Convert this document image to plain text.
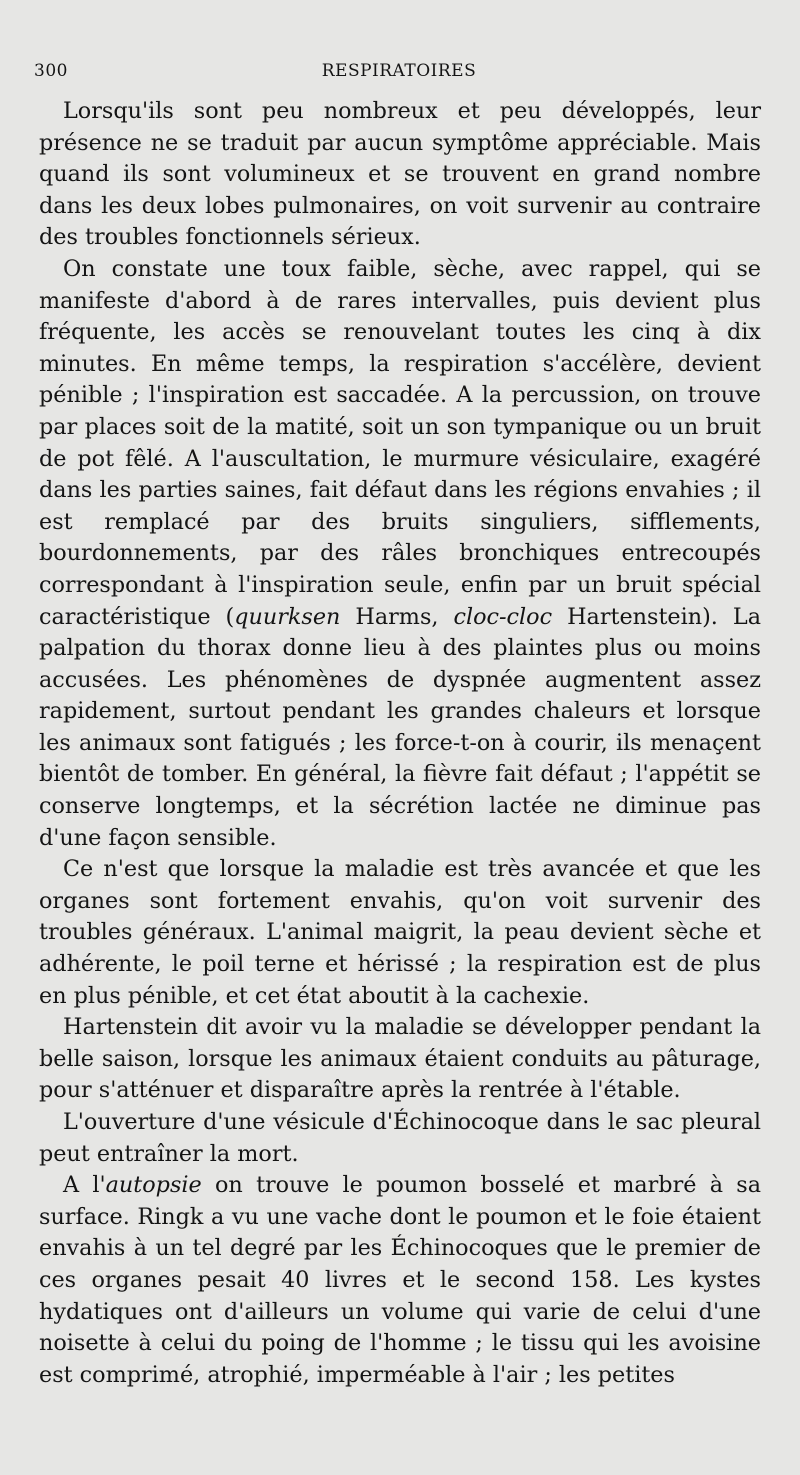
300	RESPIRATOIRES

Lorsqu'ils sont peu nombreux et peu développés, leur présence ne se traduit par aucun symptôme appréciable. Mais quand ils sont volumineux et se trouvent en grand nombre dans les deux lobes pulmonaires, on voit survenir au contraire des troubles fonctionnels sérieux.

On constate une toux faible, sèche, avec rappel, qui se manifeste d'abord à de rares intervalles, puis devient plus fréquente, les accès se renouvelant toutes les cinq à dix minutes. En même temps, la respiration s'accélère, devient pénible ; l'inspiration est saccadée. A la percussion, on trouve par places soit de la matité, soit un son tympanique ou un bruit de pot fêlé. A l'auscultation, le murmure vésiculaire, exagéré dans les parties saines, fait défaut dans les régions envahies ; il est remplacé par des bruits singuliers, sifflements, bourdonnements, par des râles bronchiques entrecoupés correspondant à l'inspiration seule, enfin par un bruit spécial caractéristique (quurksen Harms, cloc-cloc Hartenstein). La palpation du thorax donne lieu à des plaintes plus ou moins accusées. Les phénomènes de dyspnée augmentent assez rapidement, surtout pendant les grandes chaleurs et lorsque les animaux sont fatigués ; les force-t-on à courir, ils menaçent bientôt de tomber. En général, la fièvre fait défaut ; l'appétit se conserve longtemps, et la sécrétion lactée ne diminue pas d'une façon sensible.

Ce n'est que lorsque la maladie est très avancée et que les organes sont fortement envahis, qu'on voit survenir des troubles généraux. L'animal maigrit, la peau devient sèche et adhérente, le poil terne et hérissé ; la respiration est de plus en plus pénible, et cet état aboutit à la cachexie.

Hartenstein dit avoir vu la maladie se développer pendant la belle saison, lorsque les animaux étaient conduits au pâturage, pour s'atténuer et disparaître après la rentrée à l'étable.

L'ouverture d'une vésicule d'Échinocoque dans le sac pleural peut entraîner la mort.

A l'autopsie on trouve le poumon bosselé et marbré à sa surface. Ringk a vu une vache dont le poumon et le foie étaient envahis à un tel degré par les Échinocoques que le premier de ces organes pesait 40 livres et le second 158. Les kystes hydatiques ont d'ailleurs un volume qui varie de celui d'une noisette à celui du poing de l'homme ; le tissu qui les avoisine est comprimé, atrophié, imperméable à l'air ; les petites
